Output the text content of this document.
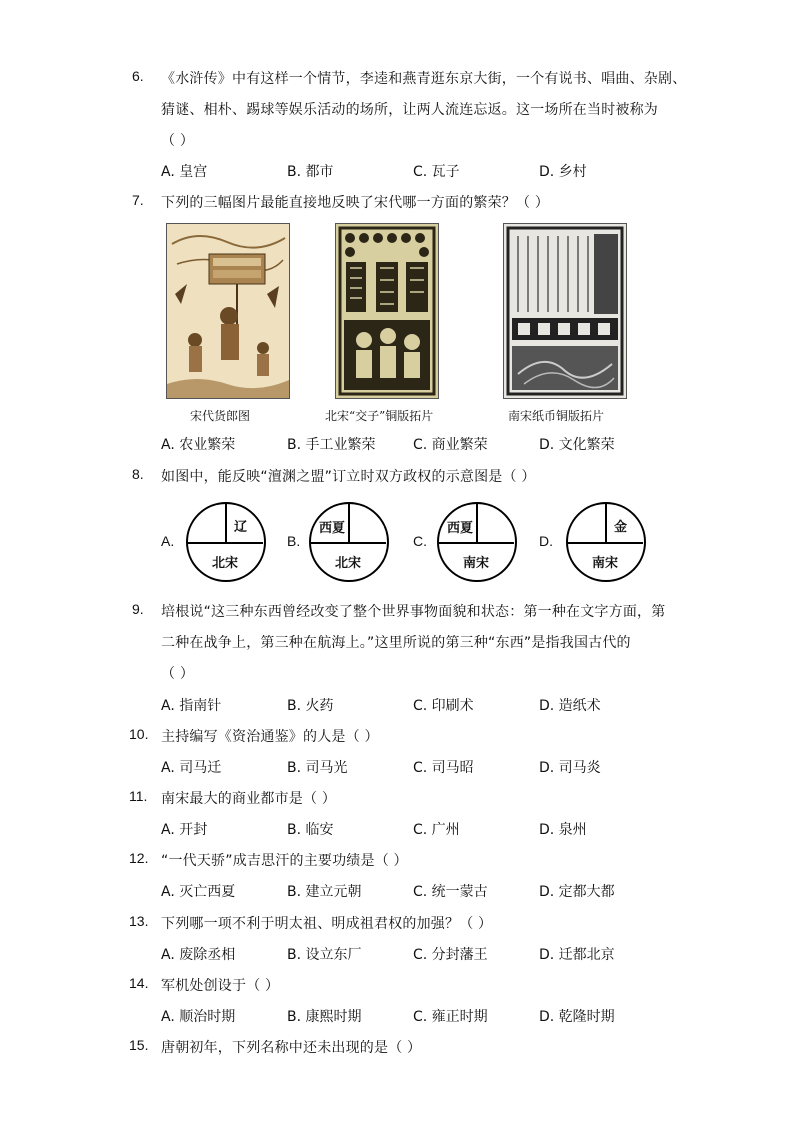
6. 《水浒传》中有这样一个情节，李逵和燕青逛东京大街，一个有说书、唱曲、杂剧、
猜谜、相朴、踢球等娱乐活动的场所，让两人流连忘返。这一场所在当时被称为
（ ）
A. 皇宫	B. 都市	C. 瓦子	D. 乡村
7. 下列的三幅图片最能直接地反映了宋代哪一方面的繁荣？（ ）
宋代货郎图	北宋“交子”铜版拓片	南宋纸币铜版拓片
A. 农业繁荣	B. 手工业繁荣	C. 商业繁荣	D. 文化繁荣
8. 如图中，能反映“澶渊之盟”订立时双方政权的示意图是（ ）
A.
辽
北宋
B.
西夏
北宋
C.
西夏
南宋
D.
金
南宋
9. 培根说“这三种东西曾经改变了整个世界事物面貌和状态：第一种在文字方面，第
二种在战争上，第三种在航海上。”这里所说的第三种“东西”是指我国古代的
（ ）
A. 指南针	B. 火药	C. 印刷术	D. 造纸术
10. 主持编写《资治通鉴》的人是（ ）
A. 司马迁	B. 司马光	C. 司马昭	D. 司马炎
11. 南宋最大的商业都市是（ ）
A. 开封	B. 临安	C. 广州	D. 泉州
12. “一代天骄”成吉思汗的主要功绩是（ ）
A. 灭亡西夏	B. 建立元朝	C. 统一蒙古	D. 定都大都
13. 下列哪一项不利于明太祖、明成祖君权的加强？（ ）
A. 废除丞相	B. 设立东厂	C. 分封藩王	D. 迁都北京
14. 军机处创设于（ ）
A. 顺治时期	B. 康熙时期	C. 雍正时期	D. 乾隆时期
15. 唐朝初年，下列名称中还未出现的是（ ）
